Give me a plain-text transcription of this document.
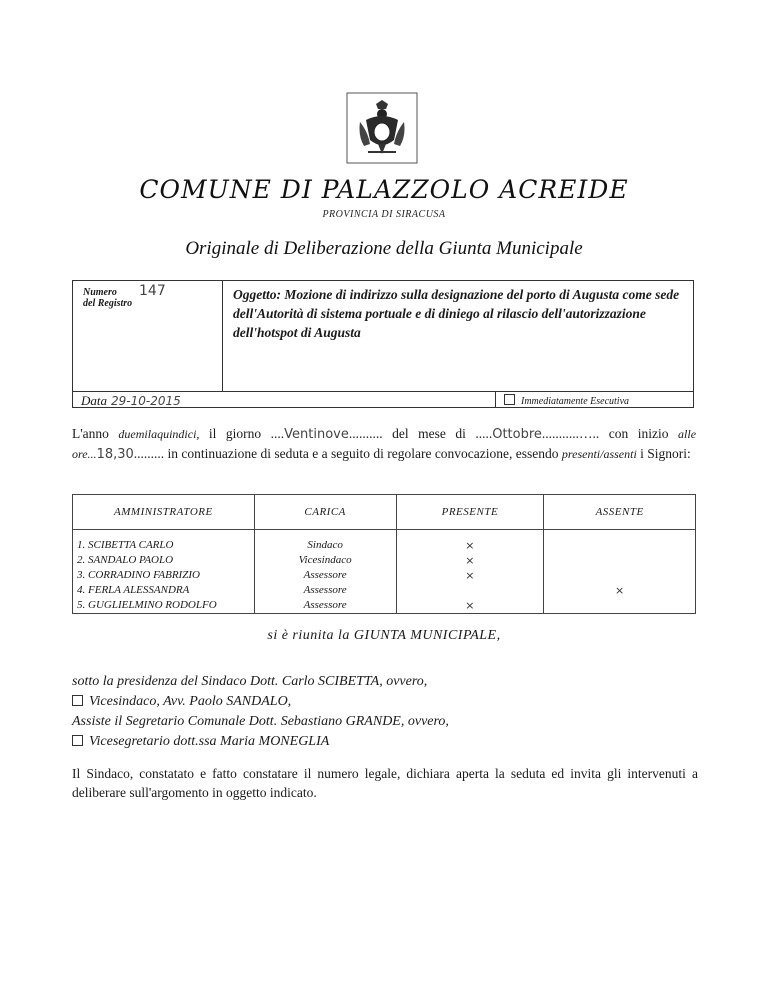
COMUNE DI PALAZZOLO ACREIDE
PROVINCIA DI SIRACUSA
Originale di Deliberazione della Giunta Municipale
Numero
del Registro
147	Oggetto: Mozione di indirizzo sulla designazione del porto di Augusta come sede dell'Autorità di sistema portuale e di diniego al rilascio dell'autorizzazione dell'hotspot di Augusta
Data 29-10-2015	Immediatamente Esecutiva
L'anno duemilaquindici, il giorno ....Ventinove.......... del mese di .....Ottobre...........….. con inizio alle ore...18,30......... in continuazione di seduta e a seguito di regolare convocazione, essendo presenti/assenti i Signori:
AMMINISTRATORE	CARICA	PRESENTE	ASSENTE

1. SCIBETTA CARLO	Sindaco	×	
2. SANDALO PAOLO	Vicesindaco	×	
3. CORRADINO FABRIZIO	Assessore	×	
4. FERLA ALESSANDRA	Assessore		×
5. GUGLIELMINO RODOLFO	Assessore	×	
si è riunita la GIUNTA MUNICIPALE,
sotto la presidenza del Sindaco Dott. Carlo SCIBETTA, ovvero,
Vicesindaco, Avv. Paolo SANDALO,
Assiste il Segretario Comunale Dott. Sebastiano GRANDE, ovvero,
Vicesegretario dott.ssa Maria MONEGLIA
Il Sindaco, constatato e fatto constatare il numero legale, dichiara aperta la seduta ed invita gli intervenuti a deliberare sull'argomento in oggetto indicato.
